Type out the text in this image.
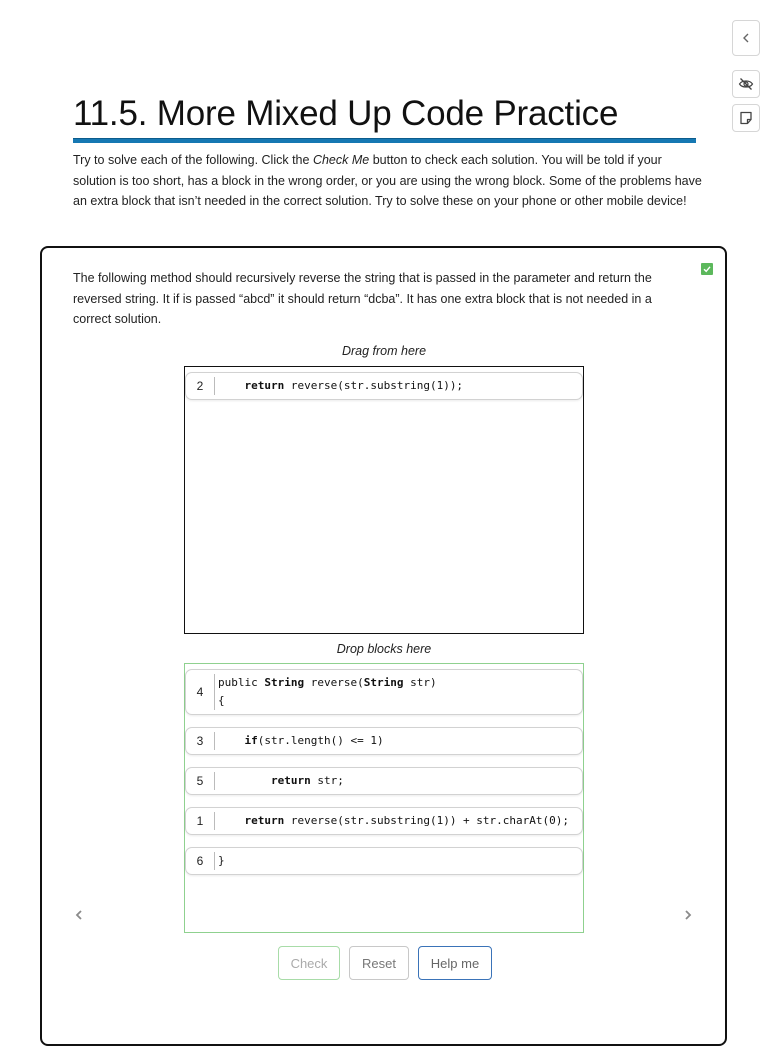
11.5. More Mixed Up Code Practice

Try to solve each of the following. Click the Check Me button to check each solution. You will be told if your solution is too short, has a block in the wrong order, or you are using the wrong block. Some of the problems have an extra block that isn’t needed in the correct solution. Try to solve these on your phone or other mobile device!

The following method should recursively reverse the string that is passed in the parameter and return the reversed string. It if is passed “abcd” it should return “dcba”. It has one extra block that is not needed in a correct solution.

Drag from here
2	return reverse(str.substring(1));
Drop blocks here
4
public String reverse(String str)
{
3	if(str.length() <= 1)
5	return str;
1	return reverse(str.substring(1)) + str.charAt(0);
6	}
Check	Reset	Help me
